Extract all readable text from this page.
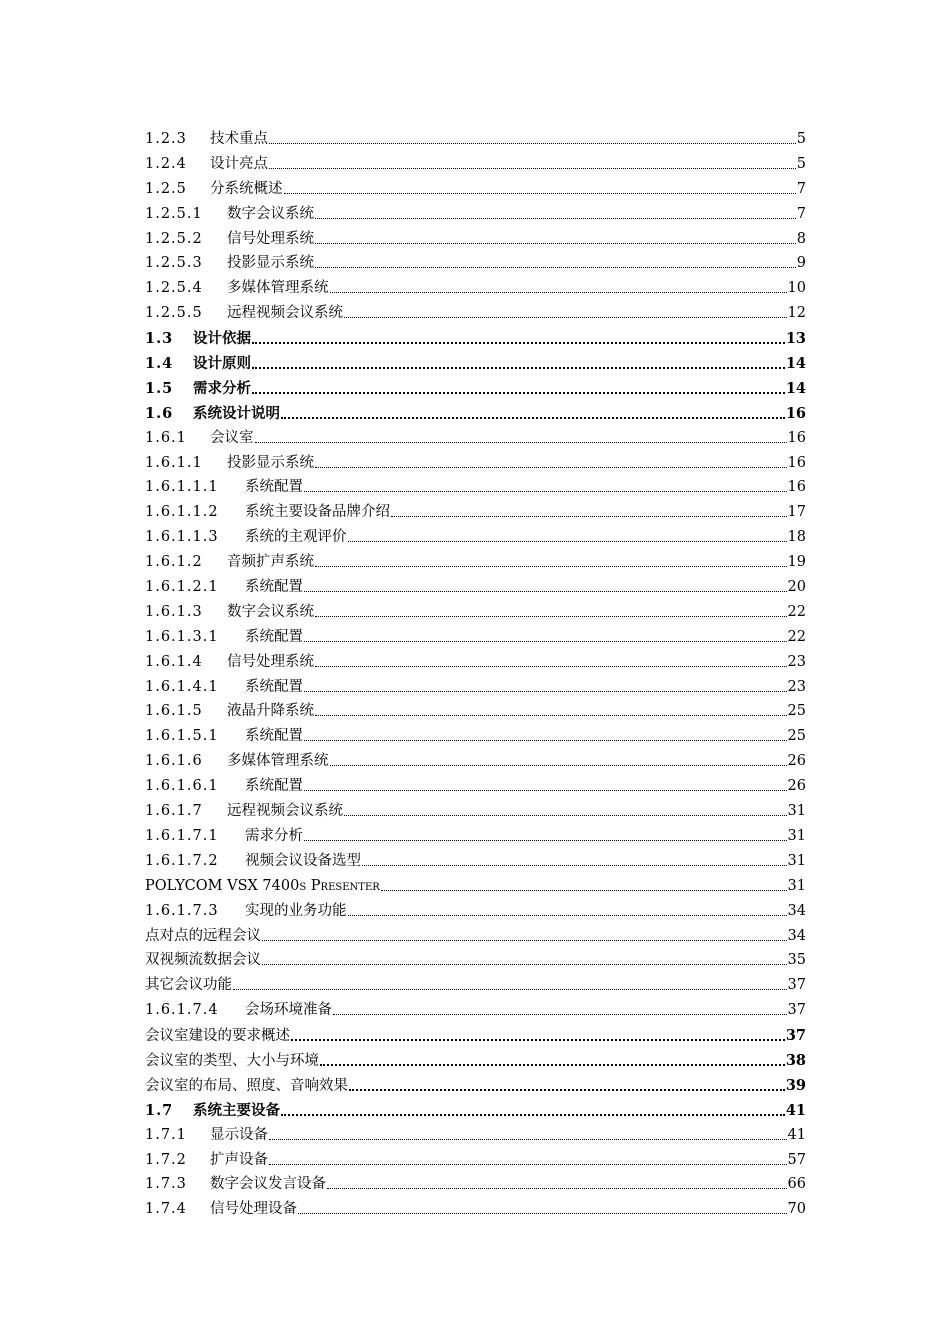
1.2.3	技术重点	5
1.2.4	设计亮点	5
1.2.5	分系统概述	7
1.2.5.1	数字会议系统	7
1.2.5.2	信号处理系统	8
1.2.5.3	投影显示系统	9
1.2.5.4	多媒体管理系统	10
1.2.5.5	远程视频会议系统	12
1.3	设计依据	13
1.4	设计原则	14
1.5	需求分析	14
1.6	系统设计说明	16
1.6.1	会议室	16
1.6.1.1	投影显示系统	16
1.6.1.1.1	系统配置	16
1.6.1.1.2	系统主要设备品牌介绍	17
1.6.1.1.3	系统的主观评价	18
1.6.1.2	音频扩声系统	19
1.6.1.2.1	系统配置	20
1.6.1.3	数字会议系统	22
1.6.1.3.1	系统配置	22
1.6.1.4	信号处理系统	23
1.6.1.4.1	系统配置	23
1.6.1.5	液晶升降系统	25
1.6.1.5.1	系统配置	25
1.6.1.6	多媒体管理系统	26
1.6.1.6.1	系统配置	26
1.6.1.7	远程视频会议系统	31
1.6.1.7.1	需求分析	31
1.6.1.7.2	视频会议设备选型	31
POLYCOM VSX 7400s Presenter	31
1.6.1.7.3	实现的业务功能	34
点对点的远程会议	34
双视频流数据会议	35
其它会议功能	37
1.6.1.7.4	会场环境准备	37
会议室建设的要求概述	37
会议室的类型、大小与环境	38
会议室的布局、照度、音响效果	39
1.7	系统主要设备	41
1.7.1	显示设备	41
1.7.2	扩声设备	57
1.7.3	数字会议发言设备	66
1.7.4	信号处理设备	70
